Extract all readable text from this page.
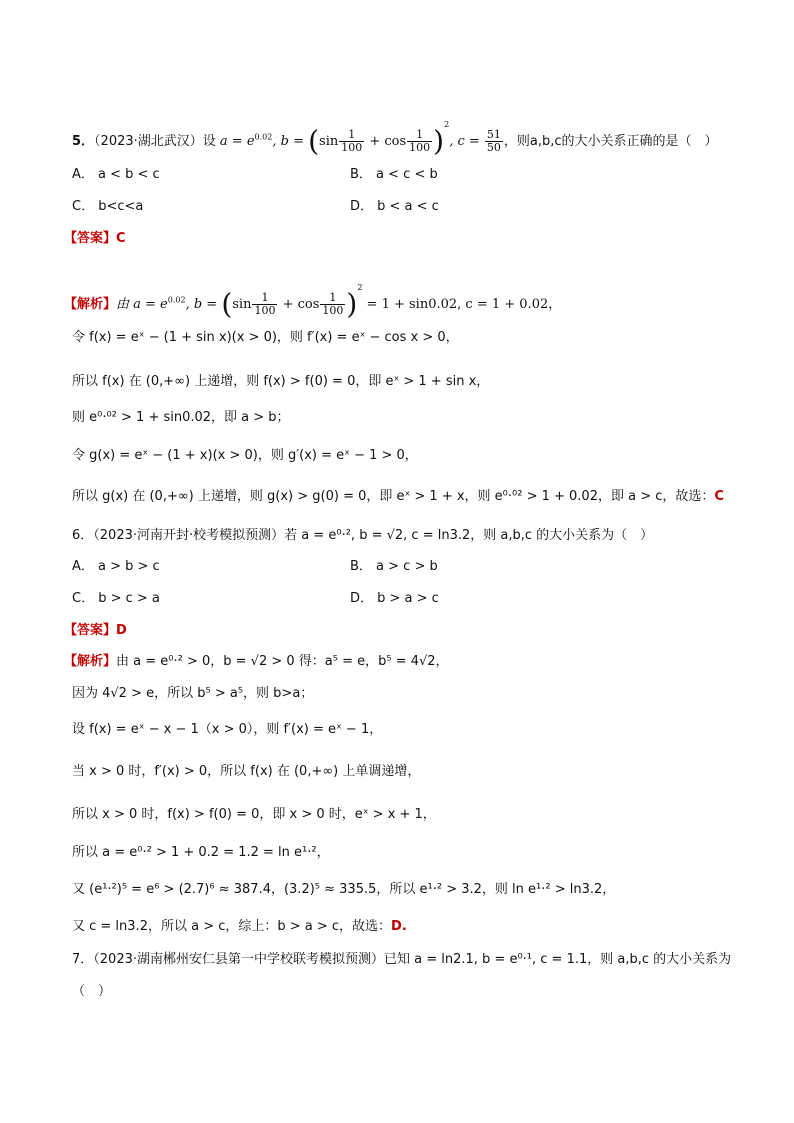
5．（2023·湖北武汉）设 $a = e^{0.02}$, $b = (\sin \frac{1}{100} + \cos \frac{1}{100} )^2$, $c = \frac{51}{50}$ ，则a,b,c的大小关系正确的是（　）
A． a < b < c	B． a < c < b
C． b<c<a	D． b < a < c
【答案】C
【解析】由 $a = e^{0.02}$, $b = (\sin \frac{1}{100} + \cos \frac{1}{100} )^2 = 1 + \sin 0.02$, c = 1 + 0.02，
令 f(x) = eˣ − (1 + sin x)(x > 0)，则 f′(x) = eˣ − cos x > 0，
所以 f(x) 在 (0,+∞) 上递增，则 f(x) > f(0) = 0，即 eˣ > 1 + sin x，
则 e⁰·⁰² > 1 + sin0.02，即 a > b；
令 g(x) = eˣ − (1 + x)(x > 0)，则 g′(x) = eˣ − 1 > 0，
所以 g(x) 在 (0,+∞) 上递增，则 g(x) > g(0) = 0，即 eˣ > 1 + x，则 e⁰·⁰² > 1 + 0.02，即 a > c，故选：C
6．（2023·河南开封·校考模拟预测）若 a = e⁰·², b = √2, c = ln3.2，则 a,b,c 的大小关系为（　）
A． a > b > c	B． a > c > b
C． b > c > a	D． b > a > c
【答案】D
【解析】由 a = e⁰·² > 0，b = √2 > 0 得：a⁵ = e，b⁵ = 4√2，
因为 4√2 > e，所以 b⁵ > a⁵，则 b>a；
设 f(x) = eˣ − x − 1（x > 0），则 f′(x) = eˣ − 1，
当 x > 0 时，f′(x) > 0，所以 f(x) 在 (0,+∞) 上单调递增，
所以 x > 0 时，f(x) > f(0) = 0，即 x > 0 时，eˣ > x + 1，
所以 a = e⁰·² > 1 + 0.2 = 1.2 = ln e¹·²，
又 (e¹·²)⁵ = e⁶ > (2.7)⁶ ≈ 387.4，(3.2)⁵ ≈ 335.5，所以 e¹·² > 3.2，则 ln e¹·² > ln3.2，
又 c = ln3.2，所以 a > c，综上：b > a > c，故选：D.
7．（2023·湖南郴州安仁县第一中学校联考模拟预测）已知 a = ln2.1, b = e⁰·¹, c = 1.1，则 a,b,c 的大小关系为
（　）
